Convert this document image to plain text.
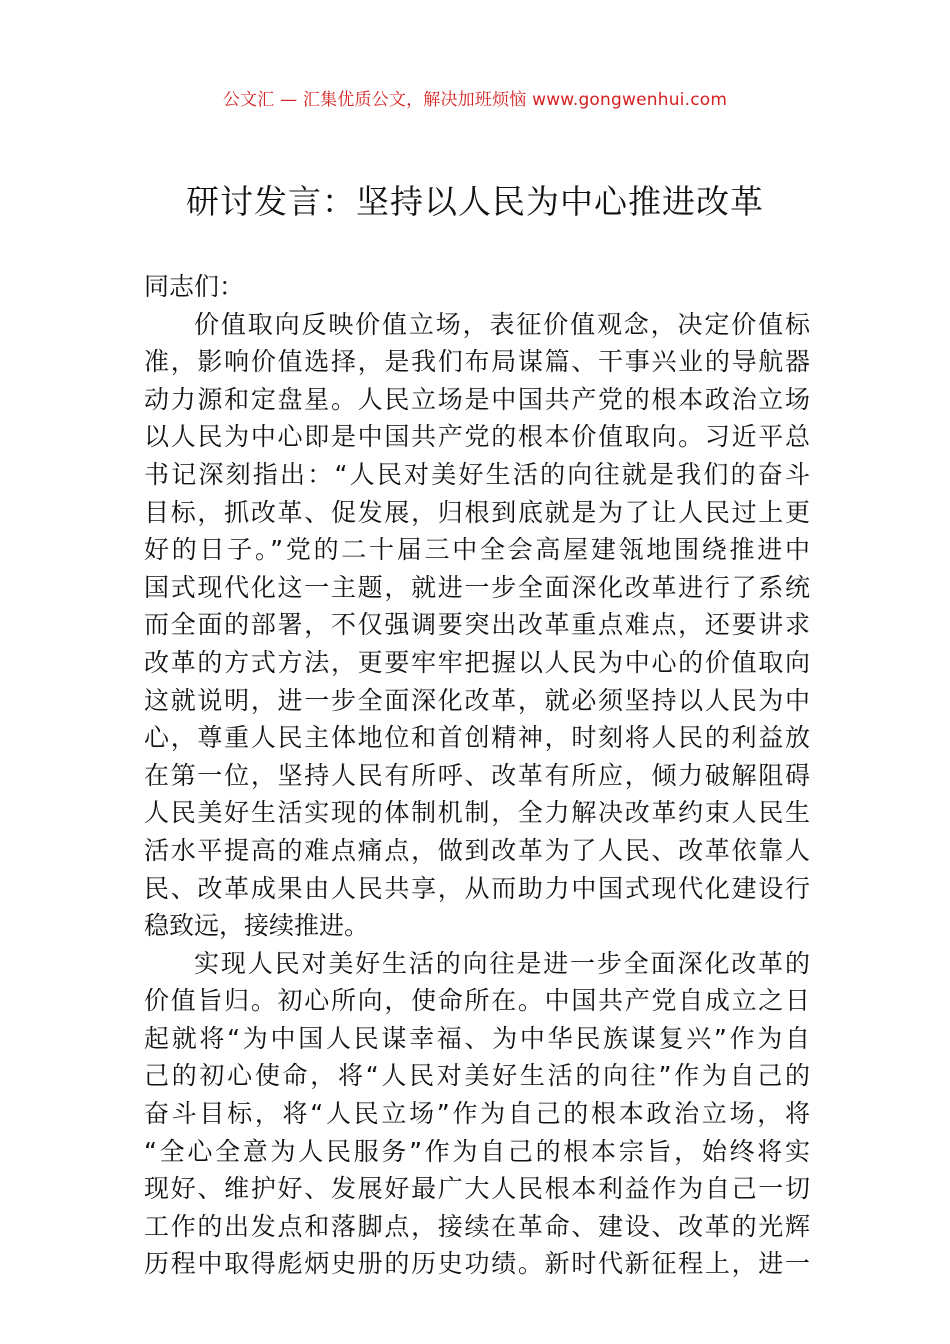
公文汇 — 汇集优质公文，解决加班烦恼 www.gongwenhui.com
研讨发言：坚持以人民为中心推进改革
同志们：
价值取向反映价值立场，表征价值观念，决定价值标
准，影响价值选择，是我们布局谋篇、干事兴业的导航器
动力源和定盘星。人民立场是中国共产党的根本政治立场
以人民为中心即是中国共产党的根本价值取向。习近平总
书记深刻指出：“人民对美好生活的向往就是我们的奋斗
目标，抓改革、促发展，归根到底就是为了让人民过上更
好的日子。”党的二十届三中全会高屋建瓴地围绕推进中
国式现代化这一主题，就进一步全面深化改革进行了系统
而全面的部署，不仅强调要突出改革重点难点，还要讲求
改革的方式方法，更要牢牢把握以人民为中心的价值取向
这就说明，进一步全面深化改革，就必须坚持以人民为中
心，尊重人民主体地位和首创精神，时刻将人民的利益放
在第一位，坚持人民有所呼、改革有所应，倾力破解阻碍
人民美好生活实现的体制机制，全力解决改革约束人民生
活水平提高的难点痛点，做到改革为了人民、改革依靠人
民、改革成果由人民共享，从而助力中国式现代化建设行
稳致远，接续推进。
实现人民对美好生活的向往是进一步全面深化改革的
价值旨归。初心所向，使命所在。中国共产党自成立之日
起就将“为中国人民谋幸福、为中华民族谋复兴”作为自
己的初心使命，将“人民对美好生活的向往”作为自己的
奋斗目标，将“人民立场”作为自己的根本政治立场，将
“全心全意为人民服务”作为自己的根本宗旨，始终将实
现好、维护好、发展好最广大人民根本利益作为自己一切
工作的出发点和落脚点，接续在革命、建设、改革的光辉
历程中取得彪炳史册的历史功绩。新时代新征程上，进一
